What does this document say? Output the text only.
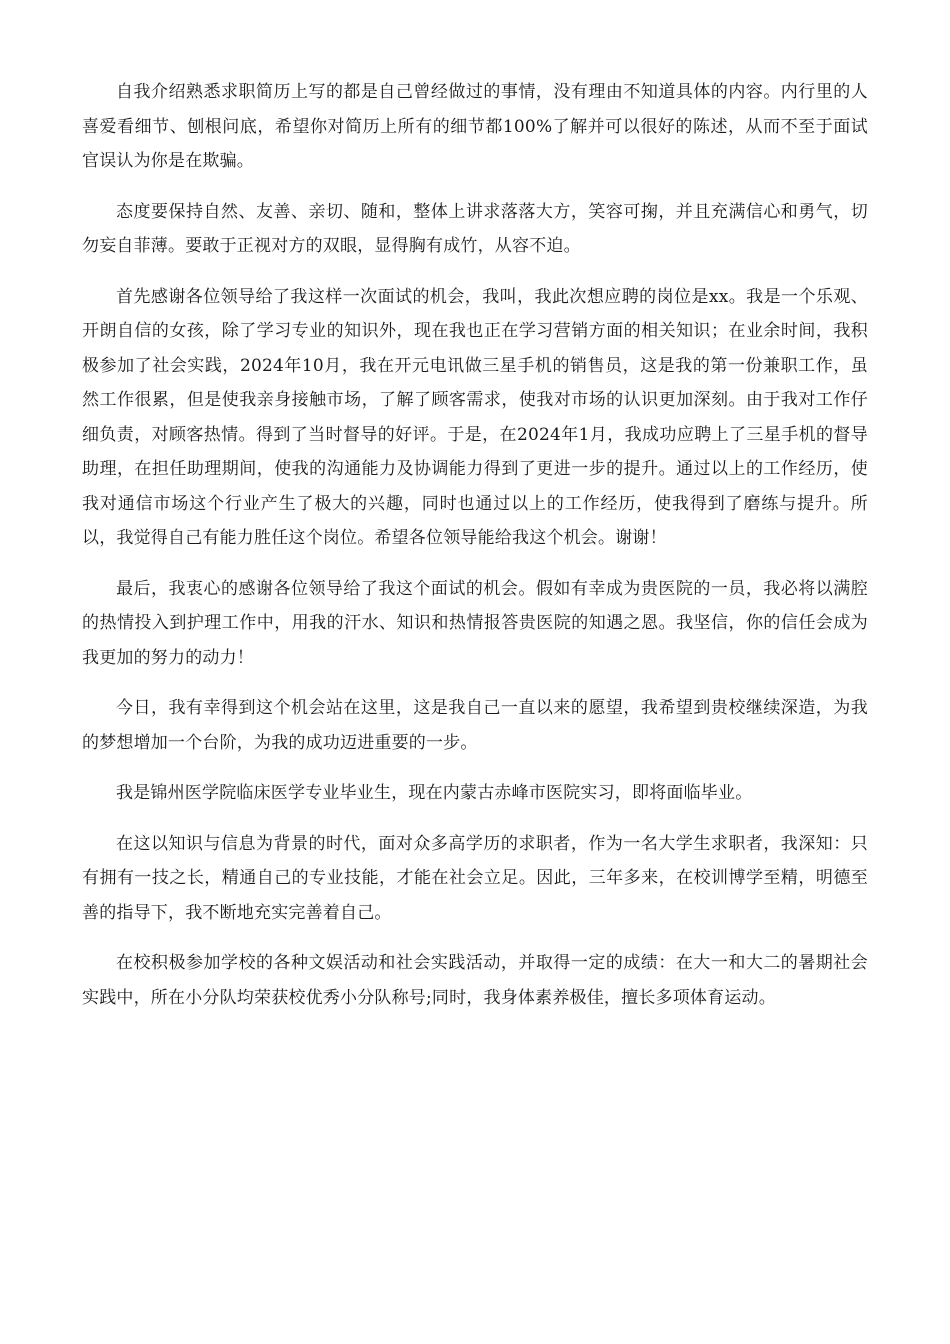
自我介绍熟悉求职简历上写的都是自己曾经做过的事情，没有理由不知道具体的内容。内行里的人喜爱看细节、刨根问底，希望你对简历上所有的细节都100%了解并可以很好的陈述，从而不至于面试官误认为你是在欺骗。

态度要保持自然、友善、亲切、随和，整体上讲求落落大方，笑容可掬，并且充满信心和勇气，切勿妄自菲薄。要敢于正视对方的双眼，显得胸有成竹，从容不迫。

首先感谢各位领导给了我这样一次面试的机会，我叫，我此次想应聘的岗位是xx。我是一个乐观、开朗自信的女孩，除了学习专业的知识外，现在我也正在学习营销方面的相关知识；在业余时间，我积极参加了社会实践，2024年10月，我在开元电讯做三星手机的销售员，这是我的第一份兼职工作，虽然工作很累，但是使我亲身接触市场，了解了顾客需求，使我对市场的认识更加深刻。由于我对工作仔细负责，对顾客热情。得到了当时督导的好评。于是，在2024年1月，我成功应聘上了三星手机的督导助理，在担任助理期间，使我的沟通能力及协调能力得到了更进一步的提升。通过以上的工作经历，使我对通信市场这个行业产生了极大的兴趣，同时也通过以上的工作经历，使我得到了磨练与提升。所以，我觉得自己有能力胜任这个岗位。希望各位领导能给我这个机会。谢谢！

最后，我衷心的感谢各位领导给了我这个面试的机会。假如有幸成为贵医院的一员，我必将以满腔的热情投入到护理工作中，用我的汗水、知识和热情报答贵医院的知遇之恩。我坚信，你的信任会成为我更加的努力的动力！

今日，我有幸得到这个机会站在这里，这是我自己一直以来的愿望，我希望到贵校继续深造，为我的梦想增加一个台阶，为我的成功迈进重要的一步。

我是锦州医学院临床医学专业毕业生，现在内蒙古赤峰市医院实习，即将面临毕业。

在这以知识与信息为背景的时代，面对众多高学历的求职者，作为一名大学生求职者，我深知：只有拥有一技之长，精通自己的专业技能，才能在社会立足。因此，三年多来，在校训博学至精，明德至善的指导下，我不断地充实完善着自己。

在校积极参加学校的各种文娱活动和社会实践活动，并取得一定的成绩：在大一和大二的暑期社会实践中，所在小分队均荣获校优秀小分队称号;同时，我身体素养极佳，擅长多项体育运动。
